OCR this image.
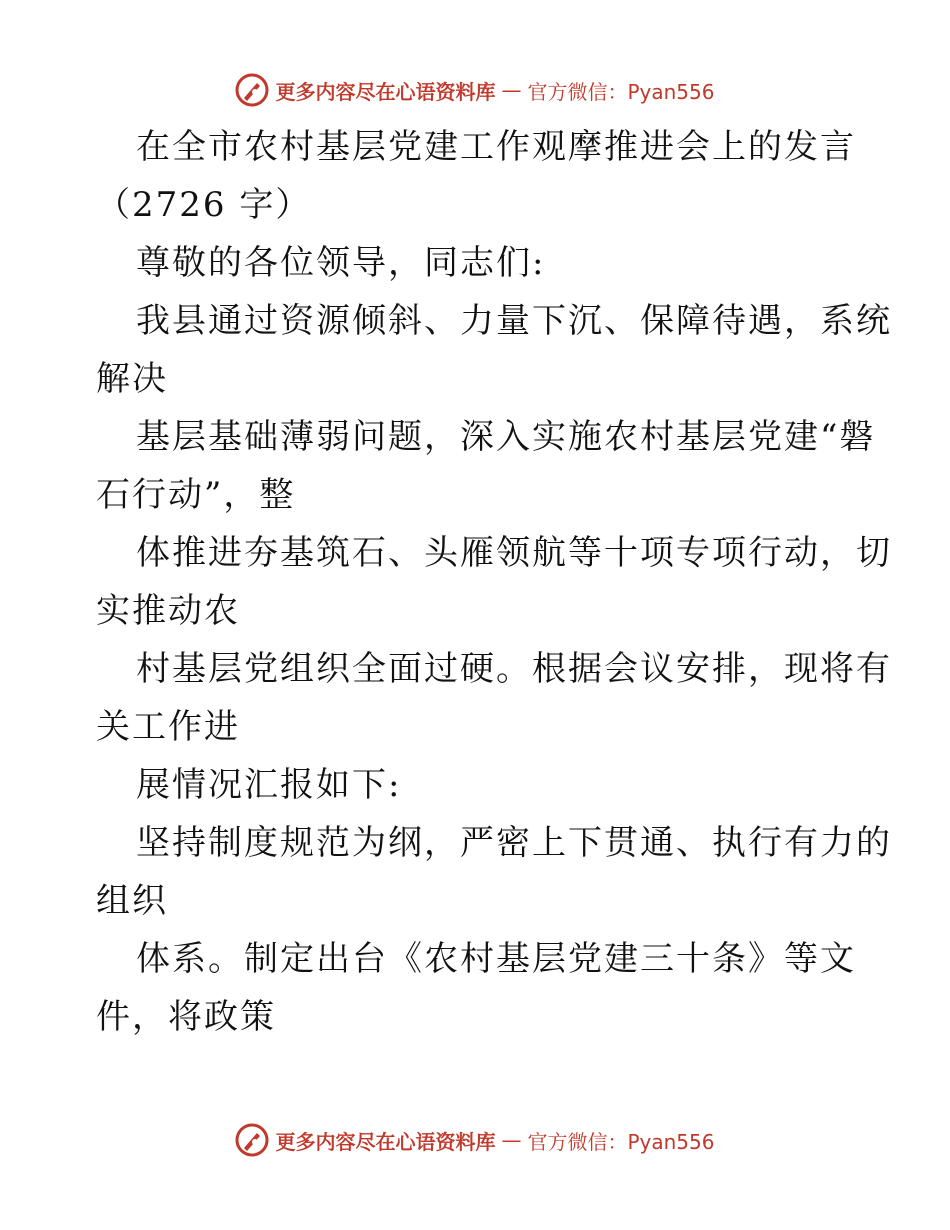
更多内容尽在心语资料库 — 官方微信：Pyan556
在全市农村基层党建工作观摩推进会上的发言
（2726 字）
尊敬的各位领导，同志们:
我县通过资源倾斜、力量下沉、保障待遇，系统
解决
基层基础薄弱问题，深入实施农村基层党建“磐
石行动”，整
体推进夯基筑石、头雁领航等十项专项行动，切
实推动农
村基层党组织全面过硬。根据会议安排，现将有
关工作进
展情况汇报如下:
坚持制度规范为纲，严密上下贯通、执行有力的
组织
体系。制定出台《农村基层党建三十条》等文
件，将政策
更多内容尽在心语资料库 — 官方微信：Pyan556
